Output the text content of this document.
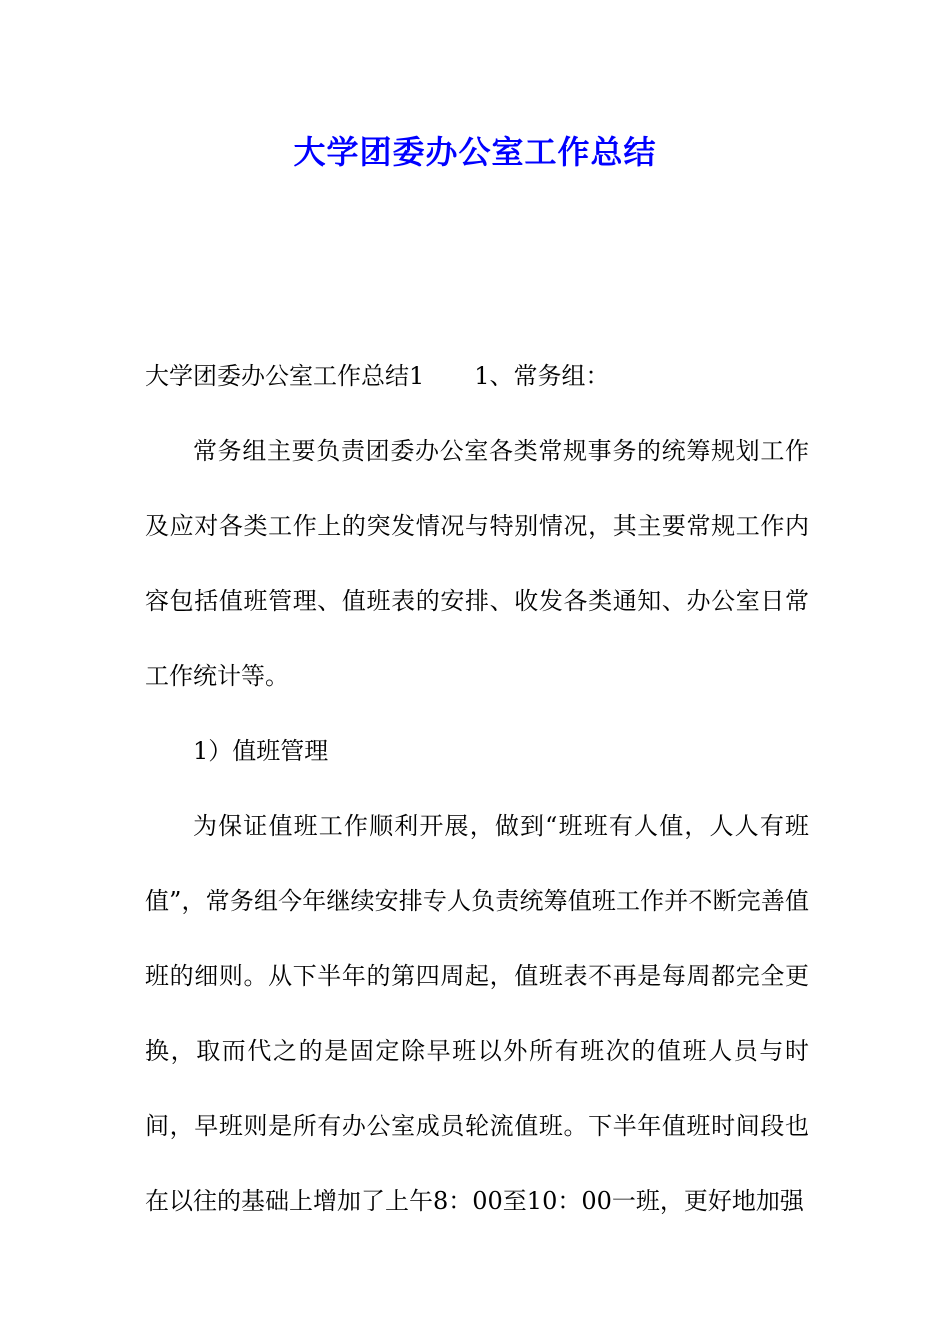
大学团委办公室工作总结

大学团委办公室工作总结1 1、常务组：

常务组主要负责团委办公室各类常规事务的统筹规划工作及应对各类工作上的突发情况与特别情况，其主要常规工作内容包括值班管理、值班表的安排、收发各类通知、办公室日常工作统计等。

1）值班管理

为保证值班工作顺利开展，做到“班班有人值，人人有班值”，常务组今年继续安排专人负责统筹值班工作并不断完善值班的细则。从下半年的第四周起，值班表不再是每周都完全更换，取而代之的是固定除早班以外所有班次的值班人员与时间，早班则是所有办公室成员轮流值班。下半年值班时间段也在以往的基础上增加了上午8：00至10：00一班，更好地加强
